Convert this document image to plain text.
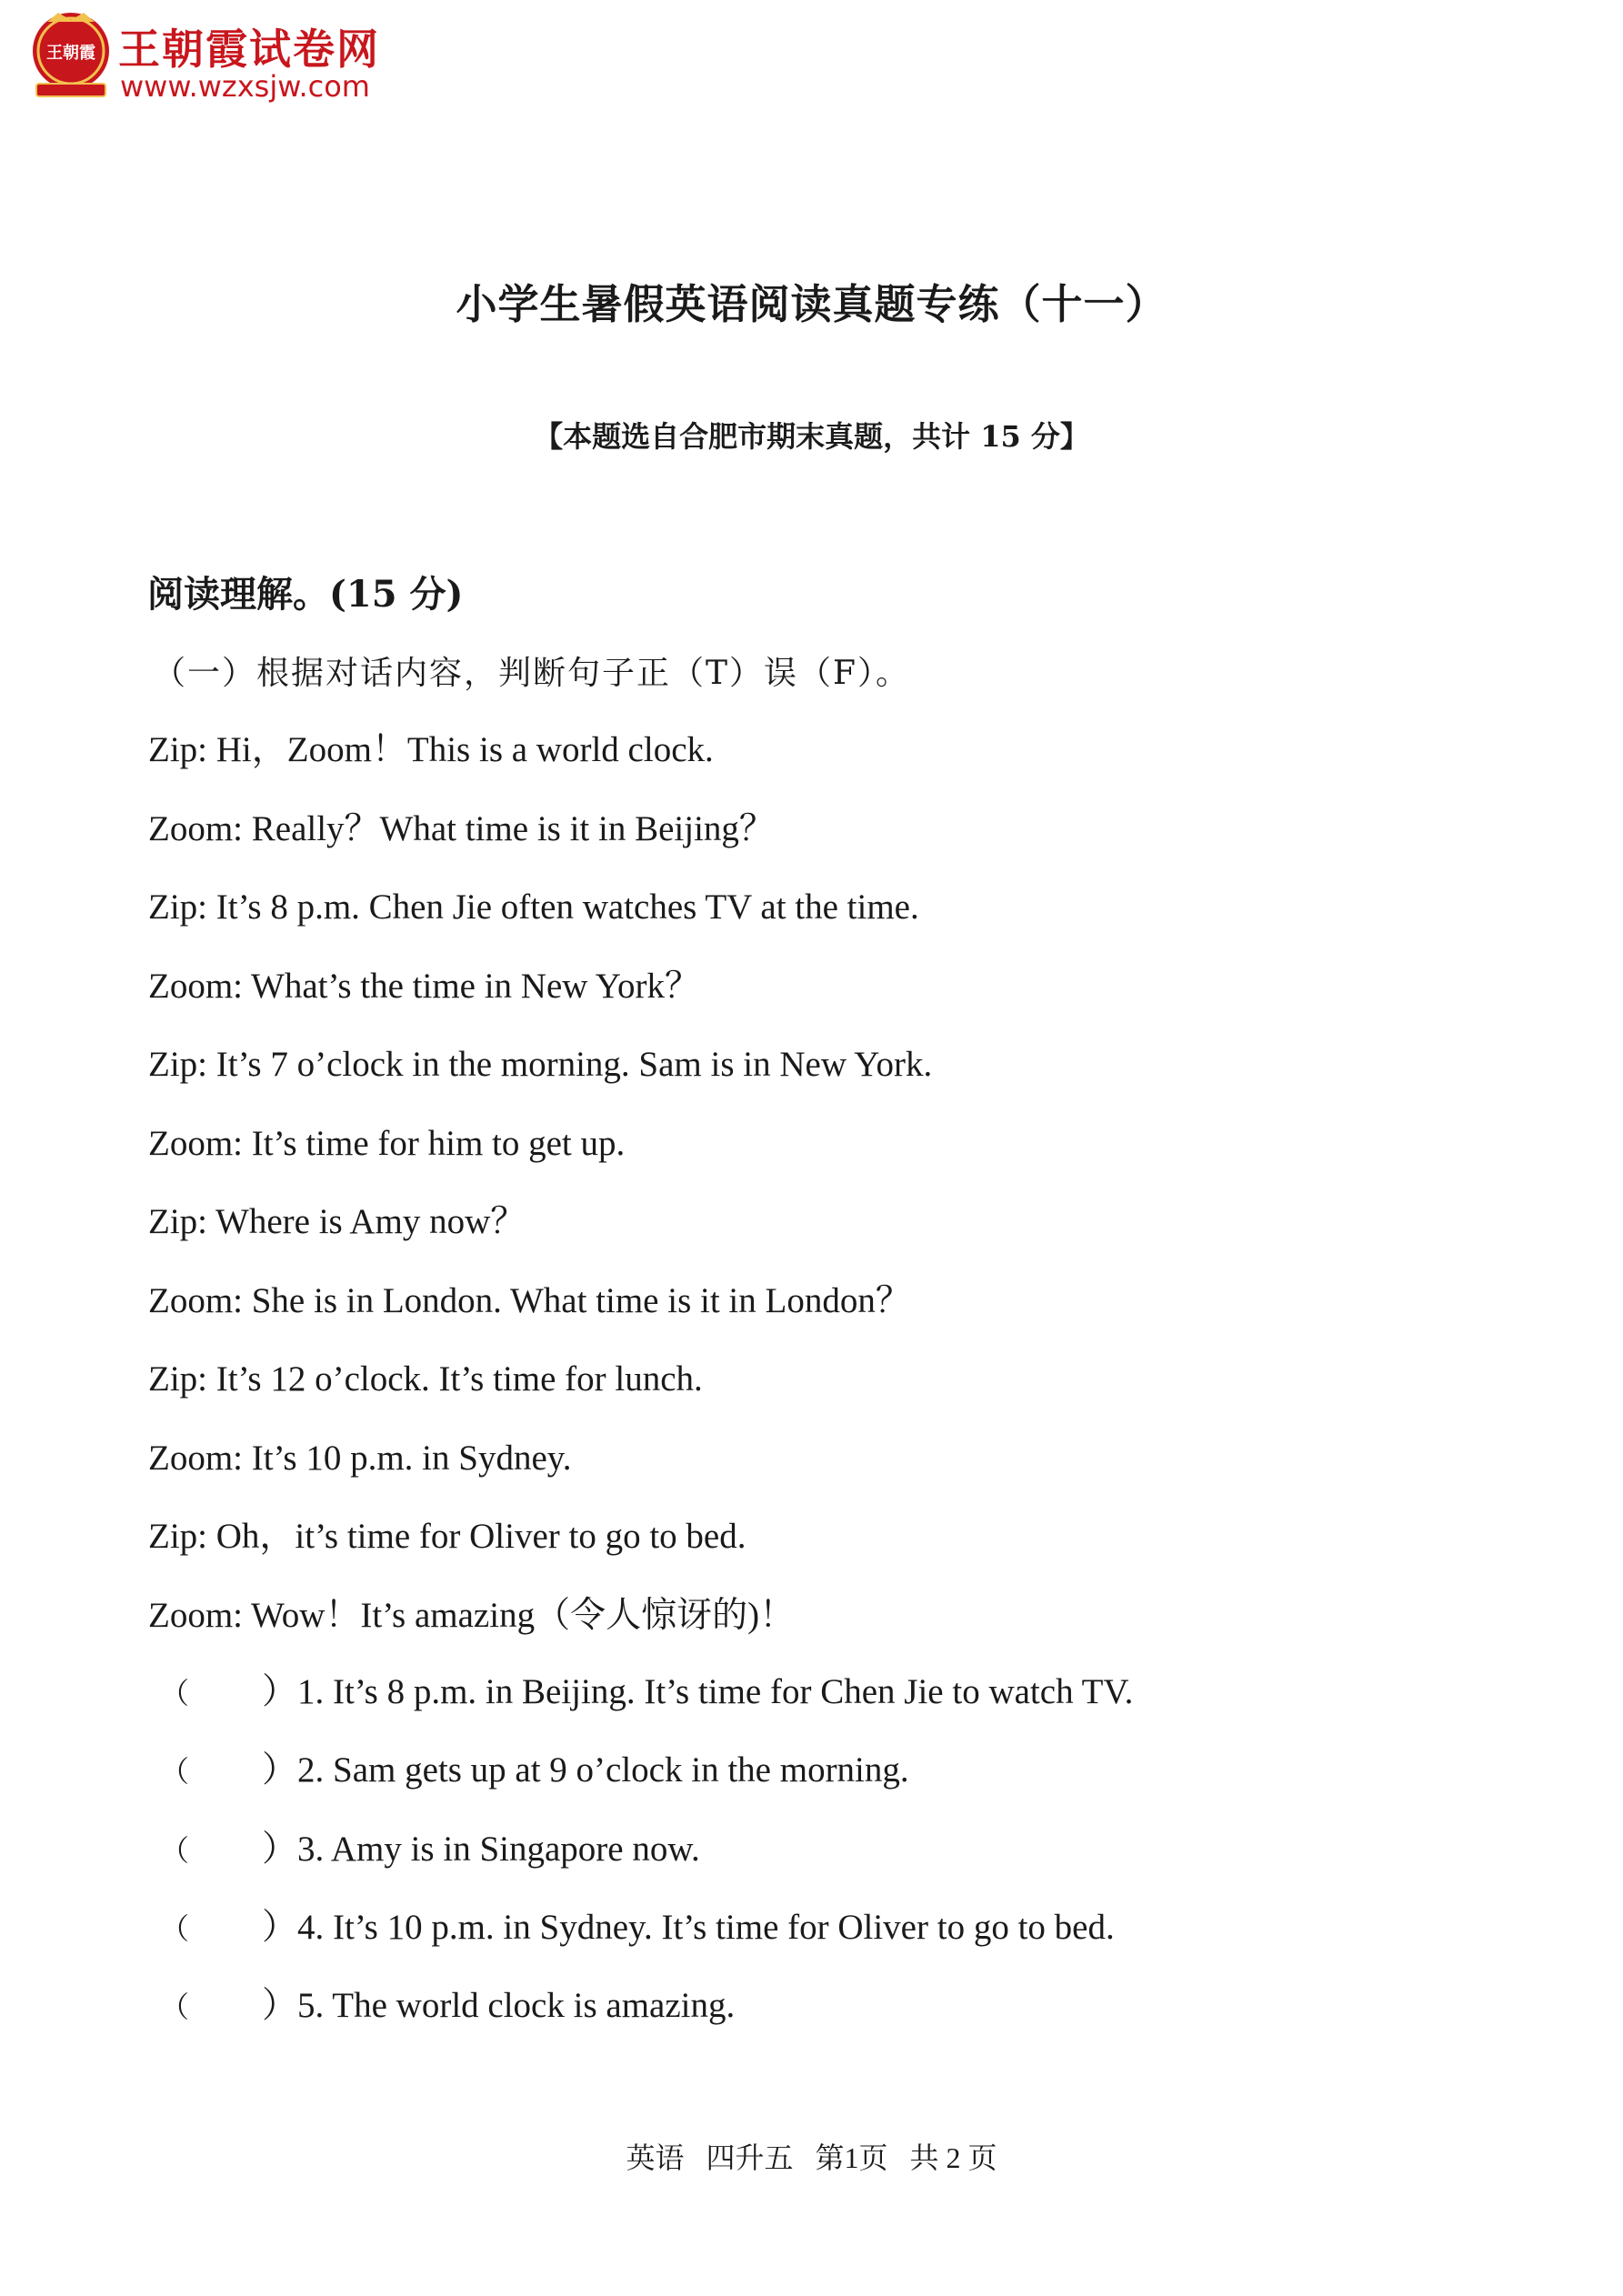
王朝霞 王朝霞试卷网
www.wzxsjw.com
小学生暑假英语阅读真题专练（十一）
【本题选自合肥市期末真题，共计 15 分】
阅读理解。(15 分)
（一）根据对话内容，判断句子正（T）误（F）。
Zip: Hi，Zoom！This is a world clock.
Zoom: Really？What time is it in Beijing？
Zip: It’s 8 p.m. Chen Jie often watches TV at the time.
Zoom: What’s the time in New York？
Zip: It’s 7 o’clock in the morning. Sam is in New York.
Zoom: It’s time for him to get up.
Zip: Where is Amy now？
Zoom: She is in London. What time is it in London？
Zip: It’s 12 o’clock. It’s time for lunch.
Zoom: It’s 10 p.m. in Sydney.
Zip: Oh，it’s time for Oliver to go to bed.
Zoom: Wow！It’s amazing（令人惊讶的)！
（ ）1. It’s 8 p.m. in Beijing. It’s time for Chen Jie to watch TV.
（ ）2. Sam gets up at 9 o’clock in the morning.
（ ）3. Amy is in Singapore now.
（ ）4. It’s 10 p.m. in Sydney. It’s time for Oliver to go to bed.
（ ）5. The world clock is amazing.
英语   四升五   第1页   共 2 页
